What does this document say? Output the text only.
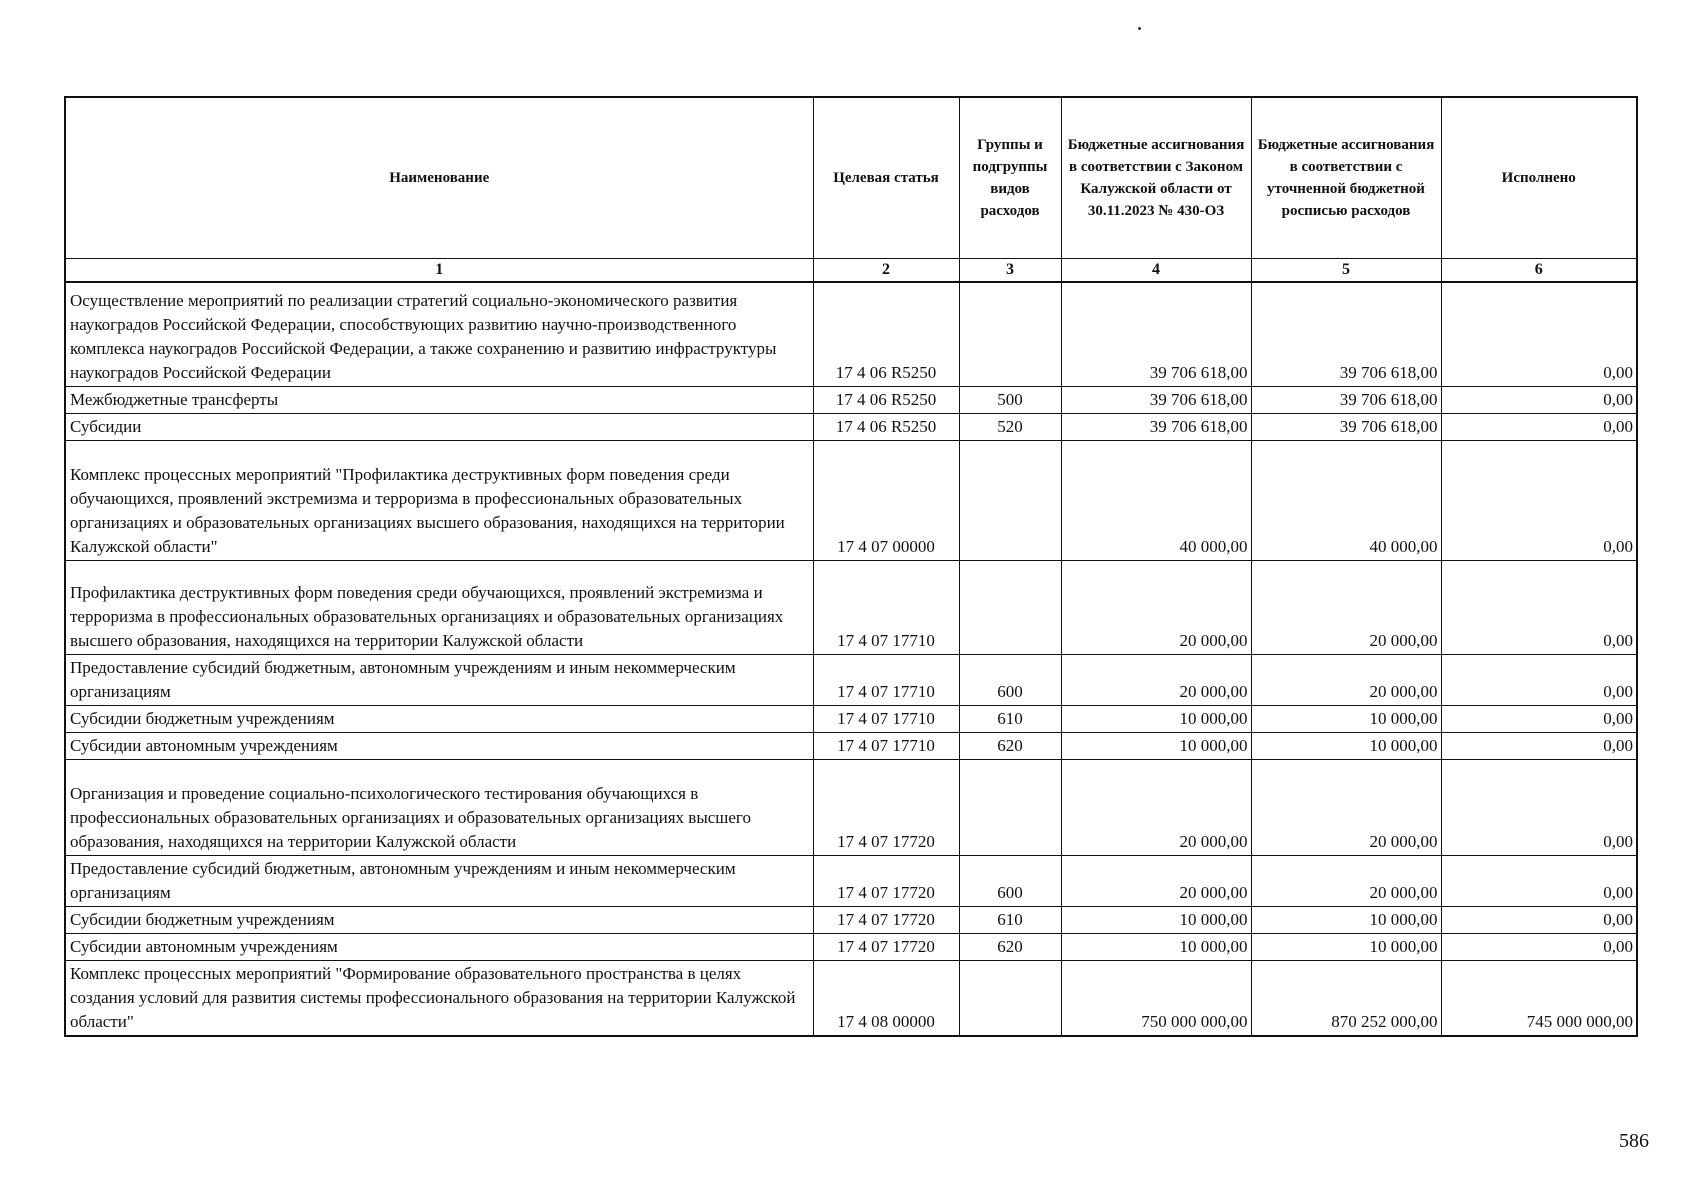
Наименование	Целевая статья	Группы и подгруппы видов расходов	Бюджетные ассигнования в соответствии с Законом Калужской области от 30.11.2023 № 430-ОЗ	Бюджетные ассигнования в соответствии с уточненной бюджетной росписью расходов	Исполнено
1	2	3	4	5	6
Осуществление мероприятий по реализации стратегий социально-экономического развития наукоградов Российской Федерации, способствующих развитию научно-производственного комплекса наукоградов Российской Федерации, а также сохранению и развитию инфраструктуры наукоградов Российской Федерации	17 4 06 R5250		39 706 618,00	39 706 618,00	0,00
Межбюджетные трансферты	17 4 06 R5250	500	39 706 618,00	39 706 618,00	0,00
Субсидии	17 4 06 R5250	520	39 706 618,00	39 706 618,00	0,00
Комплекс процессных мероприятий "Профилактика деструктивных форм поведения среди обучающихся, проявлений экстремизма и терроризма в профессиональных образовательных организациях и образовательных организациях высшего образования, находящихся на территории Калужской области"	17 4 07 00000		40 000,00	40 000,00	0,00
Профилактика деструктивных форм поведения среди обучающихся, проявлений экстремизма и терроризма в профессиональных образовательных организациях и образовательных организациях высшего образования, находящихся на территории Калужской области	17 4 07 17710		20 000,00	20 000,00	0,00
Предоставление субсидий бюджетным, автономным учреждениям и иным некоммерческим организациям	17 4 07 17710	600	20 000,00	20 000,00	0,00
Субсидии бюджетным учреждениям	17 4 07 17710	610	10 000,00	10 000,00	0,00
Субсидии автономным учреждениям	17 4 07 17710	620	10 000,00	10 000,00	0,00
Организация и проведение социально-психологического тестирования обучающихся в профессиональных образовательных организациях и образовательных организациях высшего образования, находящихся на территории Калужской области	17 4 07 17720		20 000,00	20 000,00	0,00
Предоставление субсидий бюджетным, автономным учреждениям и иным некоммерческим организациям	17 4 07 17720	600	20 000,00	20 000,00	0,00
Субсидии бюджетным учреждениям	17 4 07 17720	610	10 000,00	10 000,00	0,00
Субсидии автономным учреждениям	17 4 07 17720	620	10 000,00	10 000,00	0,00
Комплекс процессных мероприятий "Формирование образовательного пространства в целях создания условий для развития системы профессионального образования на территории Калужской области"	17 4 08 00000		750 000 000,00	870 252 000,00	745 000 000,00
586
